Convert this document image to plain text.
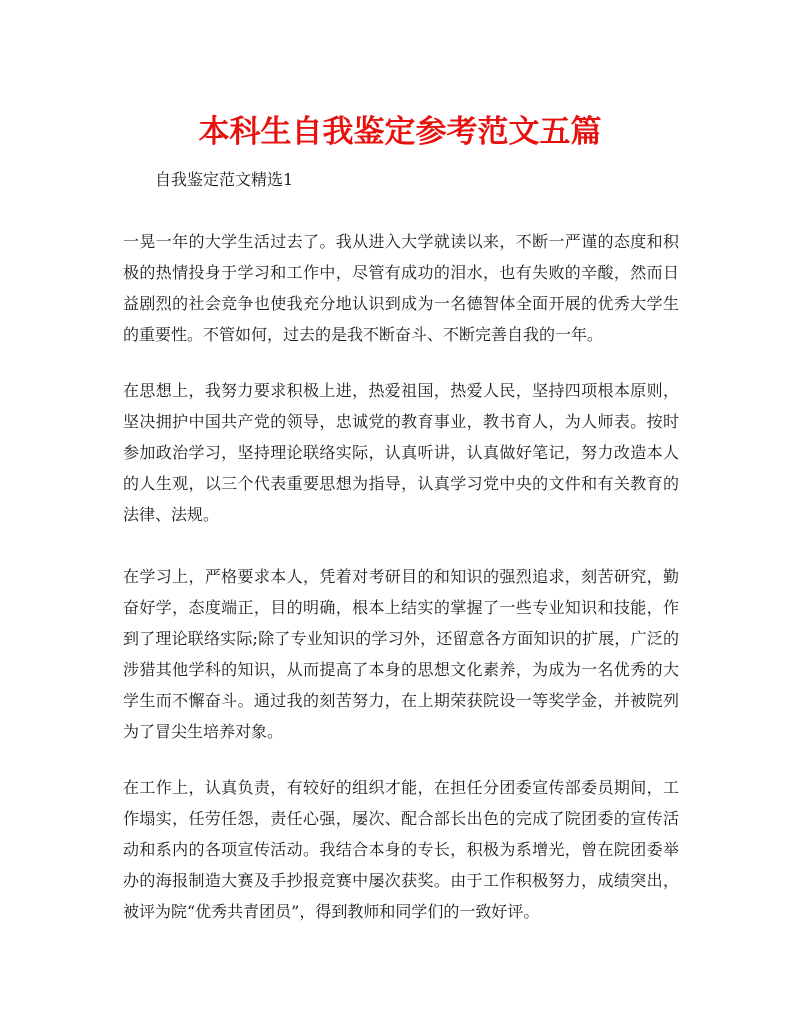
本科生自我鉴定参考范文五篇

自我鉴定范文精选1

一晃一年的大学生活过去了。我从进入大学就读以来，不断一严谨的态度和积极的热情投身于学习和工作中，尽管有成功的泪水，也有失败的辛酸，然而日益剧烈的社会竞争也使我充分地认识到成为一名德智体全面开展的优秀大学生的重要性。不管如何，过去的是我不断奋斗、不断完善自我的一年。

在思想上，我努力要求积极上进，热爱祖国，热爱人民，坚持四项根本原则，坚决拥护中国共产党的领导，忠诚党的教育事业，教书育人，为人师表。按时参加政治学习，坚持理论联络实际，认真听讲，认真做好笔记，努力改造本人的人生观，以三个代表重要思想为指导，认真学习党中央的文件和有关教育的法律、法规。

在学习上，严格要求本人，凭着对考研目的和知识的强烈追求，刻苦研究，勤奋好学，态度端正，目的明确，根本上结实的掌握了一些专业知识和技能，作到了理论联络实际;除了专业知识的学习外，还留意各方面知识的扩展，广泛的涉猎其他学科的知识，从而提高了本身的思想文化素养，为成为一名优秀的大学生而不懈奋斗。通过我的刻苦努力，在上期荣获院设一等奖学金，并被院列为了冒尖生培养对象。

在工作上，认真负责，有较好的组织才能，在担任分团委宣传部委员期间，工作塌实，任劳任怨，责任心强，屡次、配合部长出色的完成了院团委的宣传活动和系内的各项宣传活动。我结合本身的专长，积极为系增光，曾在院团委举办的海报制造大赛及手抄报竞赛中屡次获奖。由于工作积极努力，成绩突出，被评为院“优秀共青团员”，得到教师和同学们的一致好评。
